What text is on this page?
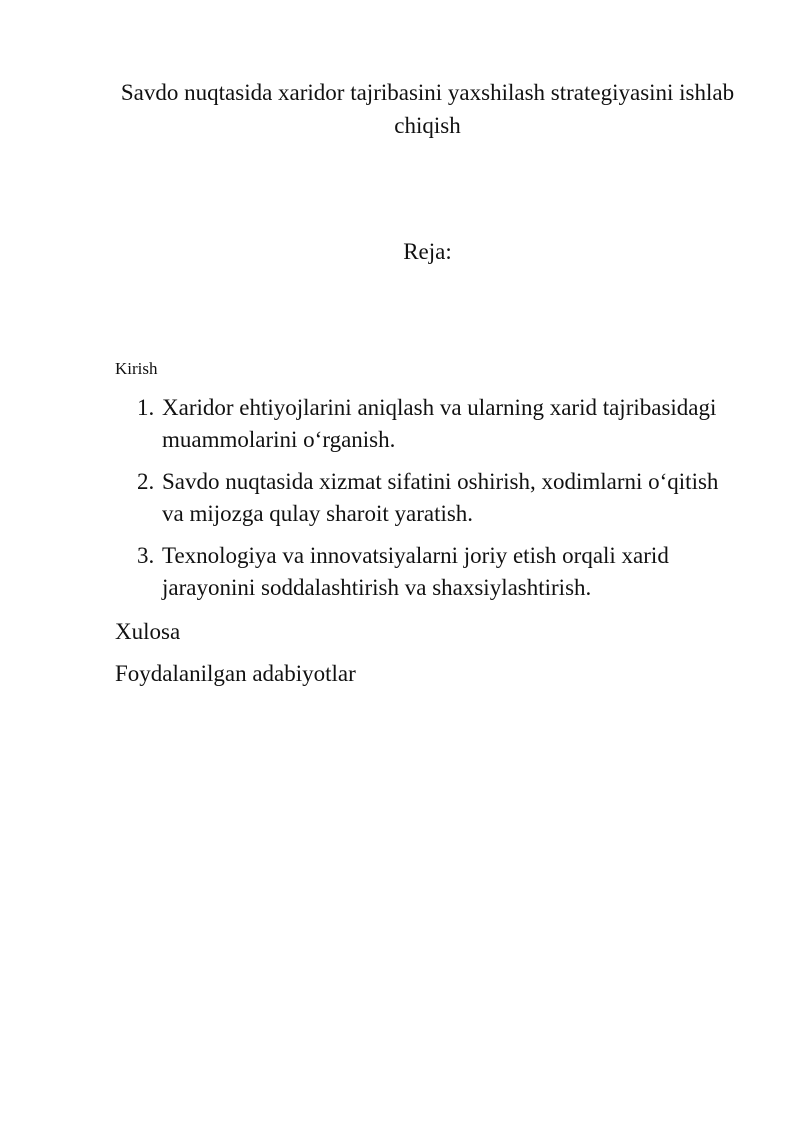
Savdo nuqtasida xaridor tajribasini yaxshilash strategiyasini ishlab chiqish
Reja:

Kirish

1. Xaridor ehtiyojlarini aniqlash va ularning xarid tajribasidagi muammolarini o‘rganish.
2. Savdo nuqtasida xizmat sifatini oshirish, xodimlarni o‘qitish va mijozga qulay sharoit yaratish.
3. Texnologiya va innovatsiyalarni joriy etish orqali xarid jarayonini soddalashtirish va shaxsiylashtirish.

Xulosa

Foydalanilgan adabiyotlar
